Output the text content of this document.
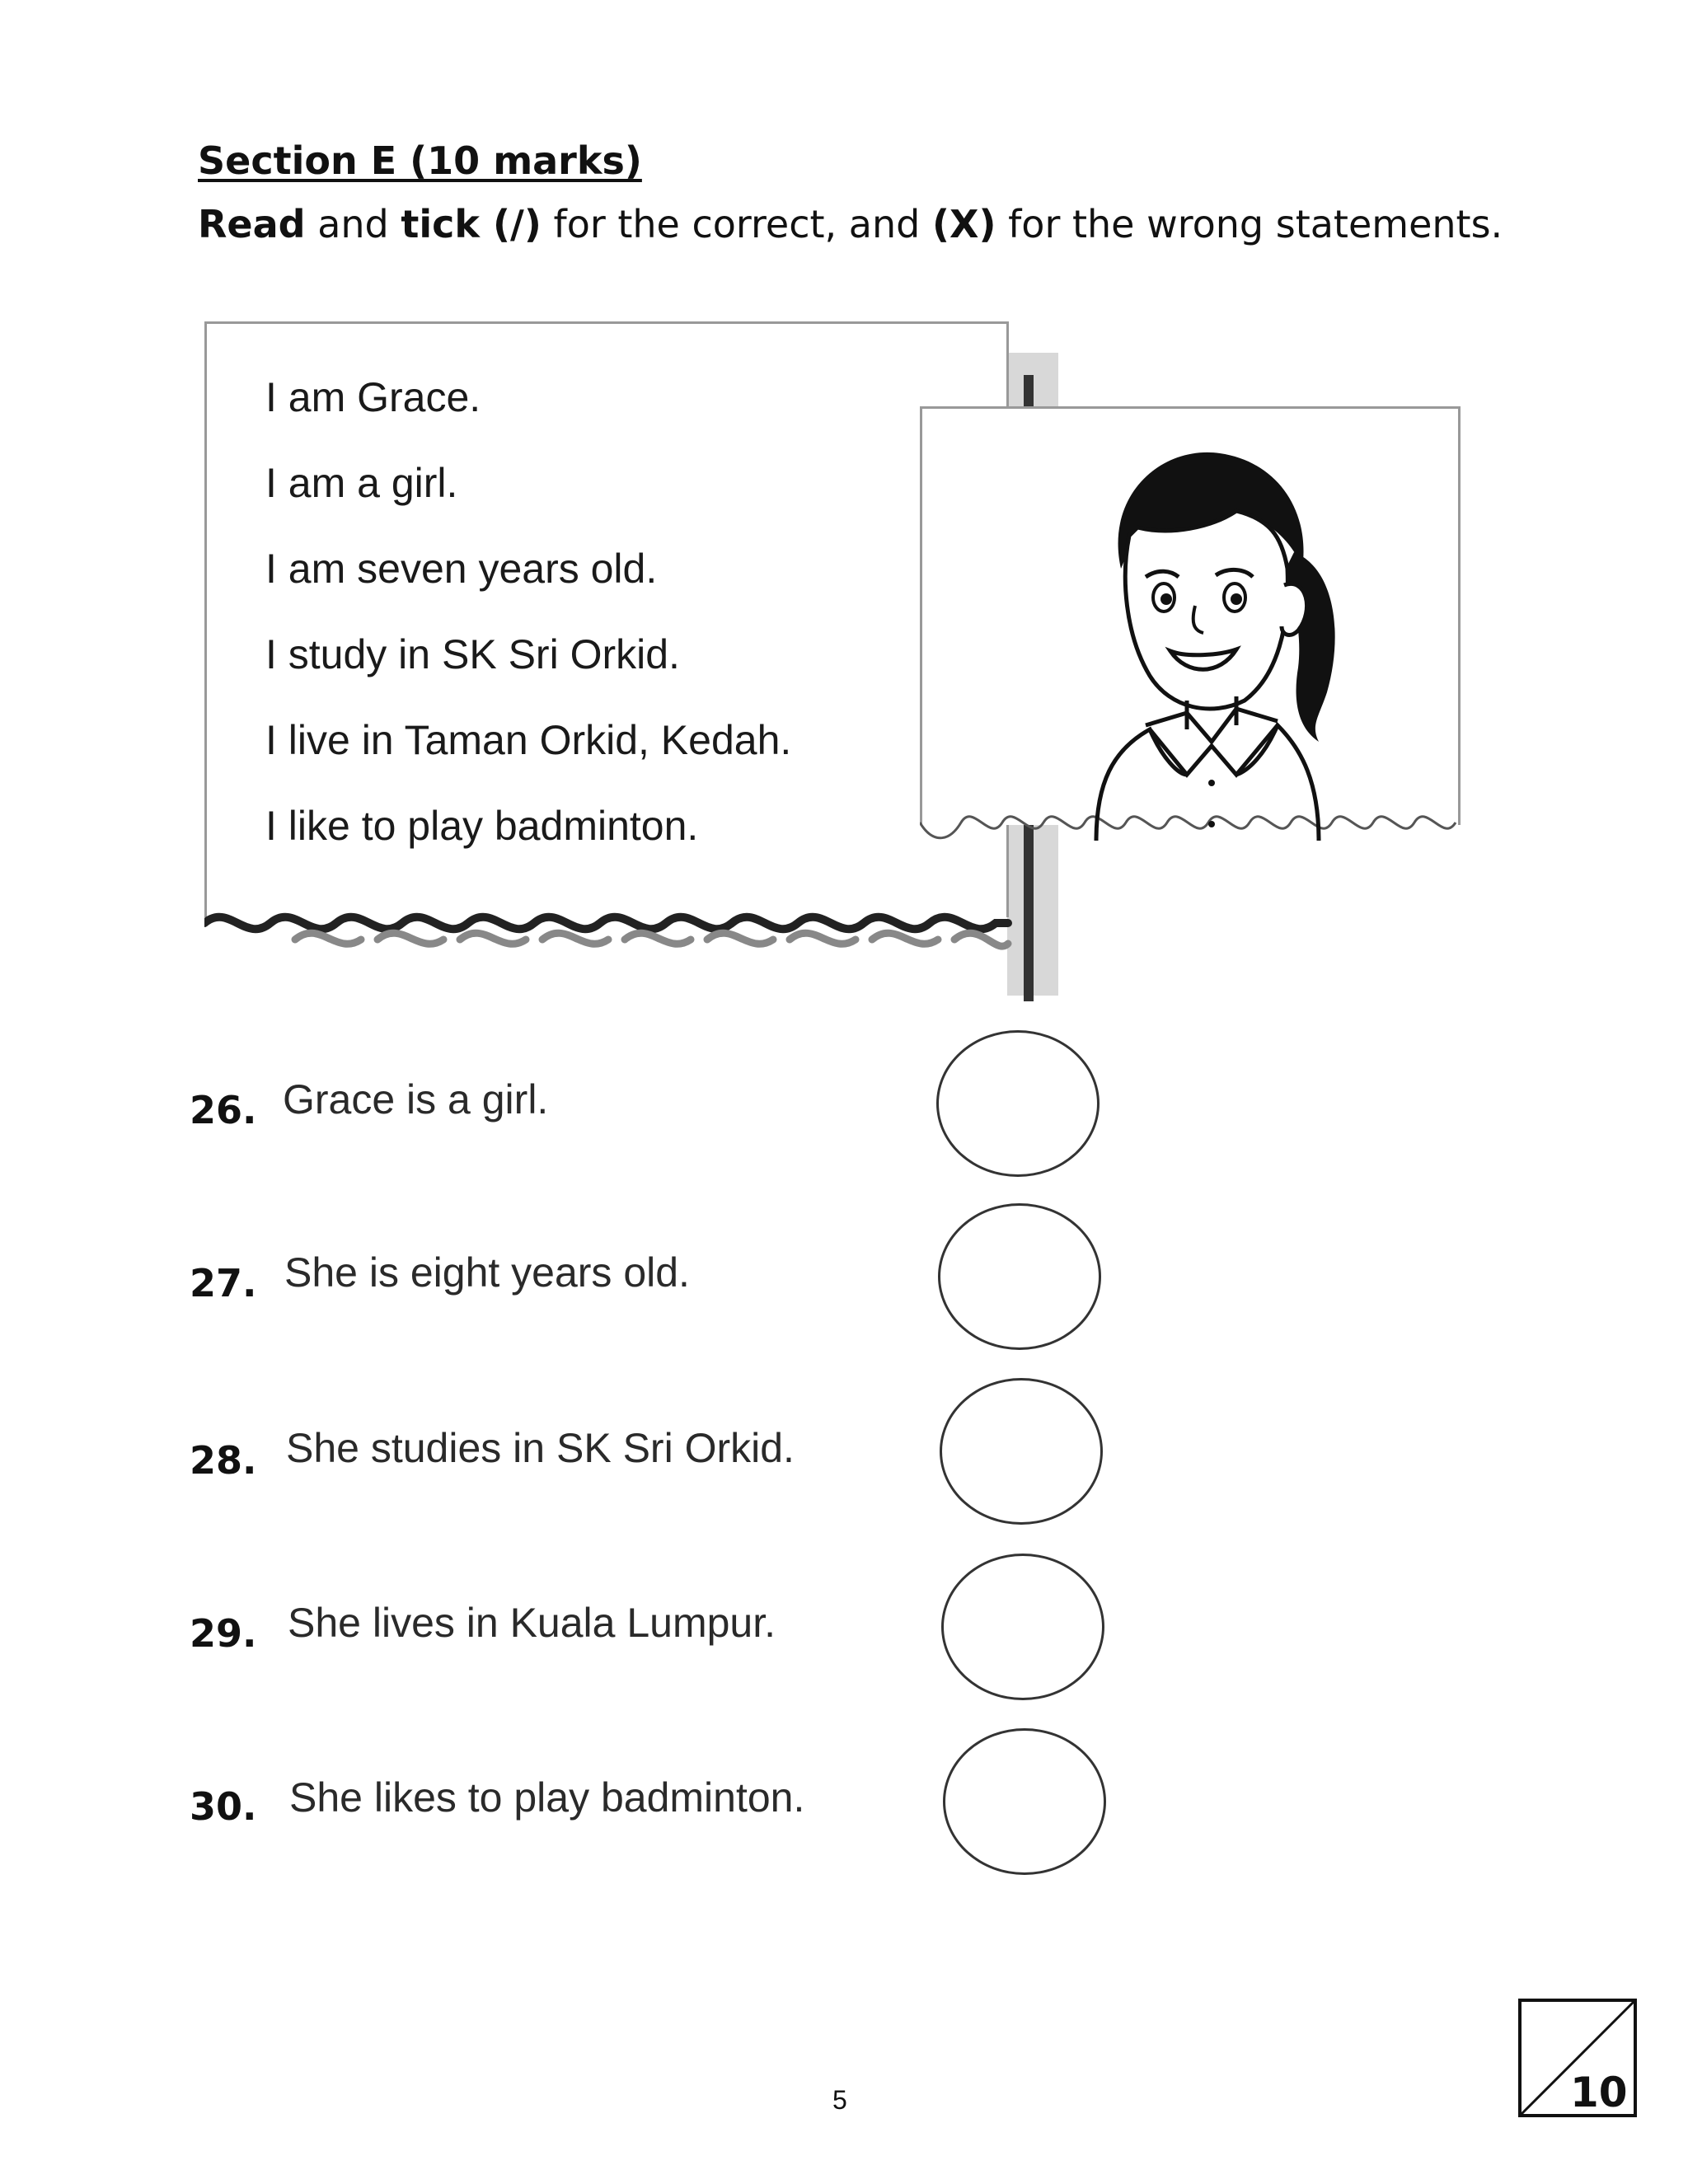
Section E (10 marks)
Read and tick (/) for the correct, and (X) for the wrong statements.
I am Grace.
I am a girl.
I am seven years old.
I study in SK Sri Orkid.
I live in Taman Orkid, Kedah.
I like to play badminton.
26. Grace is a girl.
27. She is eight years old.
28. She studies in SK Sri Orkid.
29. She lives in Kuala Lumpur.
30. She likes to play badminton.
10
5
